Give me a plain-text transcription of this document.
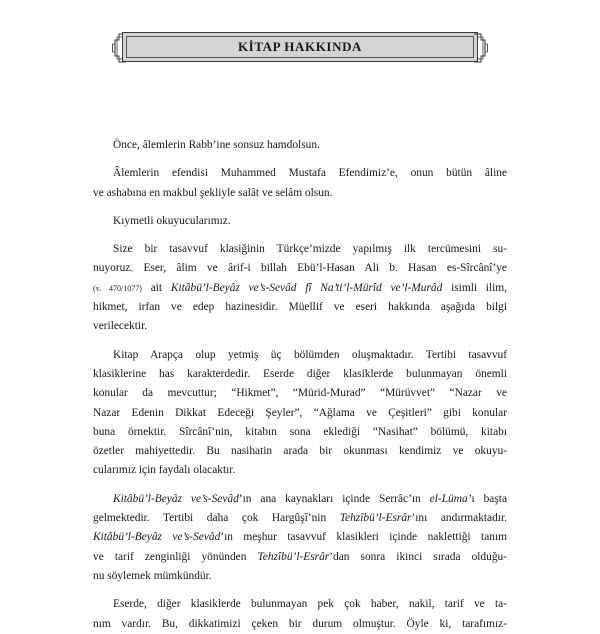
KİTAP HAKKINDA

Önce, âlemlerin Rabb’ine sonsuz hamdolsun.

Âlemlerin efendisi Muhammed Mustafa Efendimiz’e, onun bütün âline
ve ashabına en makbul şekliyle salât ve selâm olsun.

Kıymetli okuyucularımız.

Size bir tasavvuf klasiğinin Türkçe’mizde yapılmış ilk tercümesini su-
nuyoruz. Eser, âlim ve ârif-i billah Ebü’l-Hasan Ali b. Hasan es-Sîrcânî’ye
(v. 470/1077) ait Kitâbü’l-Beyâz ve’s-Sevâd fî Na’ti’l-Mürîd ve’l-Murâd isimli ilim,
hikmet, irfan ve edep hazinesidir. Müellif ve eseri hakkında aşağıda bilgi
verilecektir.

Kitap Arapça olup yetmiş üç bölümden oluşmaktadır. Tertibi tasavvuf
klasiklerine has karakterdedir. Eserde diğer klasiklerde bulunmayan önemli
konular da mevcuttur; “Hikmet”, “Mürid-Murad” “Mürüvvet” “Nazar ve
Nazar Edenin Dikkat Edeceği Şeyler”, “Ağlama ve Çeşitleri” gibi konular
buna örnektir. Sîrcânî’nin, kitabın sona eklediği “Nasihat” bölümü, kitabı
özetler mahiyettedir. Bu nasihatin arada bir okunması kendimiz ve okuyu-
cularımız için faydalı olacaktır.

Kitâbü’l-Beyâz ve’s-Sevâd’ın ana kaynakları içinde Serrâc’ın el-Lüma’ı başta
gelmektedir. Tertibi daha çok Hargûşî’nin Tehzîbü’l-Esrâr’ını andırmaktadır.
Kitâbü’l-Beyâz ve’s-Sevâd’ın meşhur tasavvuf klasikleri içinde naklettiği tanım
ve tarif zenginliği yönünden Tehzîbü’l-Esrâr’dan sonra ikinci sırada olduğu-
nu söylemek mümkündür.

Eserde, diğer klasiklerde bulunmayan pek çok haber, nakil, tarif ve ta-
nım vardır. Bu, dikkatimizi çeken bir durum olmuştur. Öyle ki, tarafımız-
